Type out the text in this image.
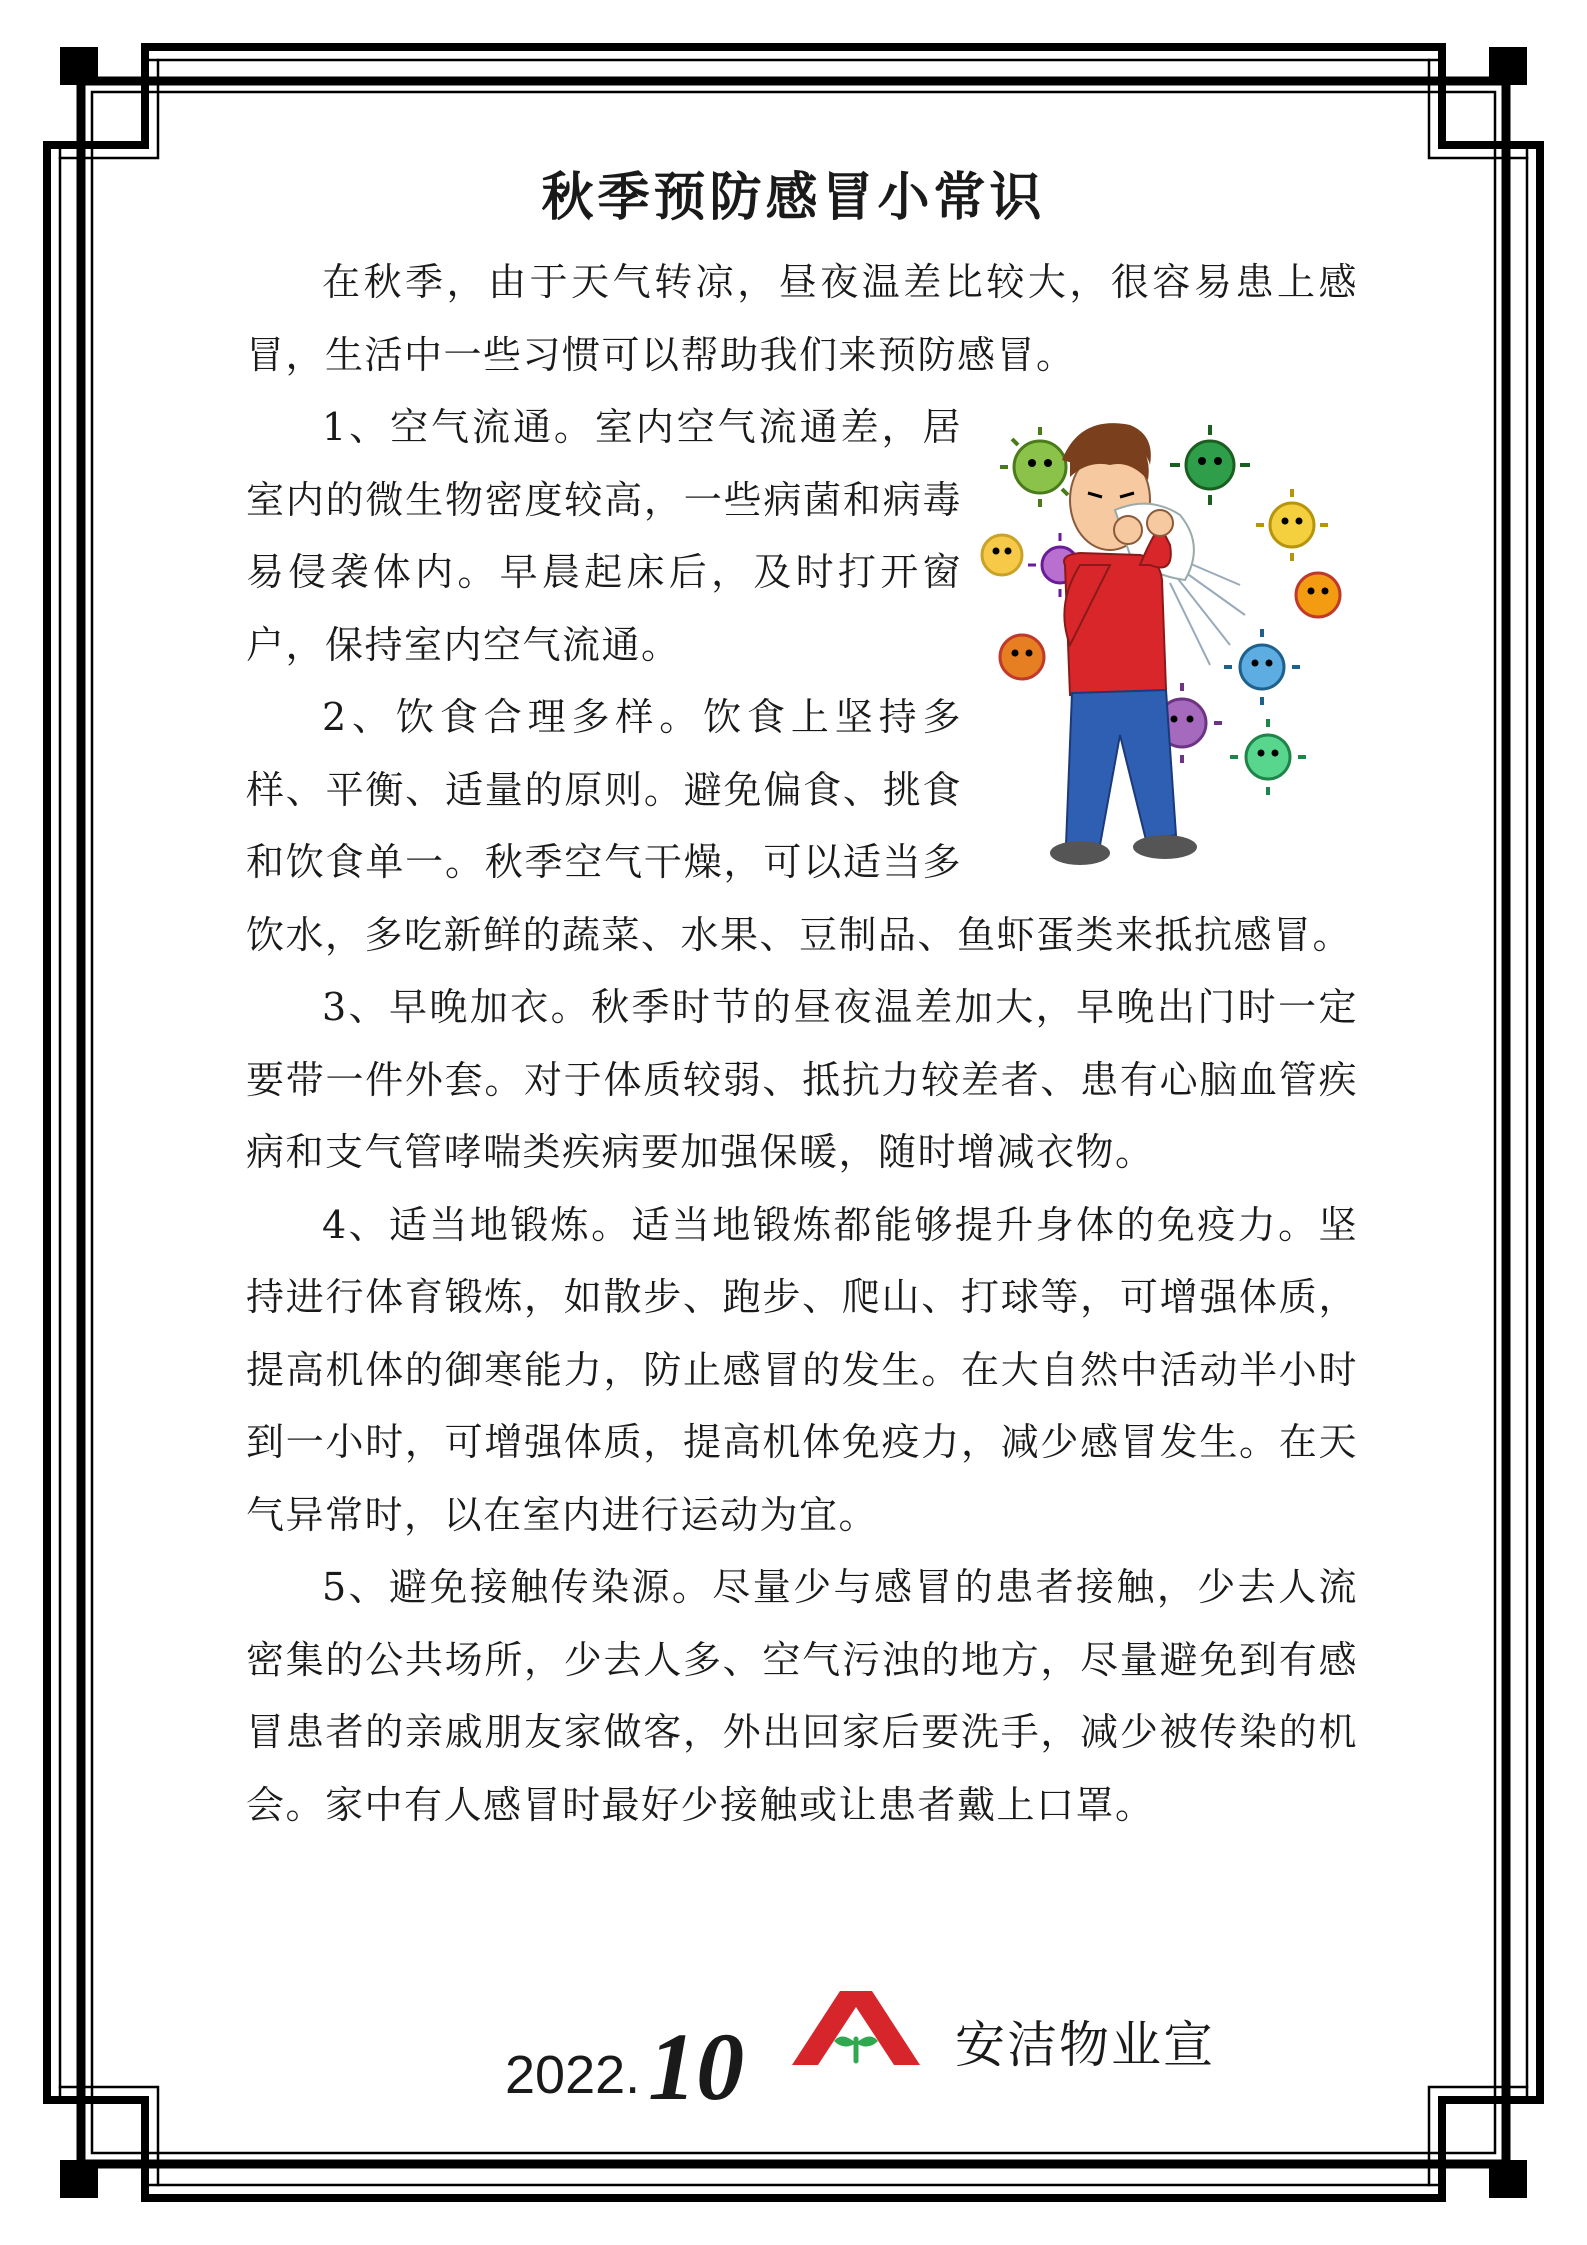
秋季预防感冒小常识

在秋季，由于天气转凉，昼夜温差比较大，很容易患上感冒，生活中一些习惯可以帮助我们来预防感冒。

1、空气流通。室内空气流通差，居室内的微生物密度较高，一些病菌和病毒易侵袭体内。早晨起床后，及时打开窗户，保持室内空气流通。

2、饮食合理多样。饮食上坚持多样、平衡、适量的原则。避免偏食、挑食和饮食单一。秋季空气干燥，可以适当多饮水，多吃新鲜的蔬菜、水果、豆制品、鱼虾蛋类来抵抗感冒。

3、早晚加衣。秋季时节的昼夜温差加大，早晚出门时一定要带一件外套。对于体质较弱、抵抗力较差者、患有心脑血管疾病和支气管哮喘类疾病要加强保暖，随时增减衣物。

4、适当地锻炼。适当地锻炼都能够提升身体的免疫力。坚持进行体育锻炼，如散步、跑步、爬山、打球等，可增强体质，提高机体的御寒能力，防止感冒的发生。在大自然中活动半小时到一小时，可增强体质，提高机体免疫力，减少感冒发生。在天气异常时，以在室内进行运动为宜。

5、避免接触传染源。尽量少与感冒的患者接触，少去人流密集的公共场所，少去人多、空气污浊的地方，尽量避免到有感冒患者的亲戚朋友家做客，外出回家后要洗手，减少被传染的机会。家中有人感冒时最好少接触或让患者戴上口罩。

2022.10	安洁物业宣
